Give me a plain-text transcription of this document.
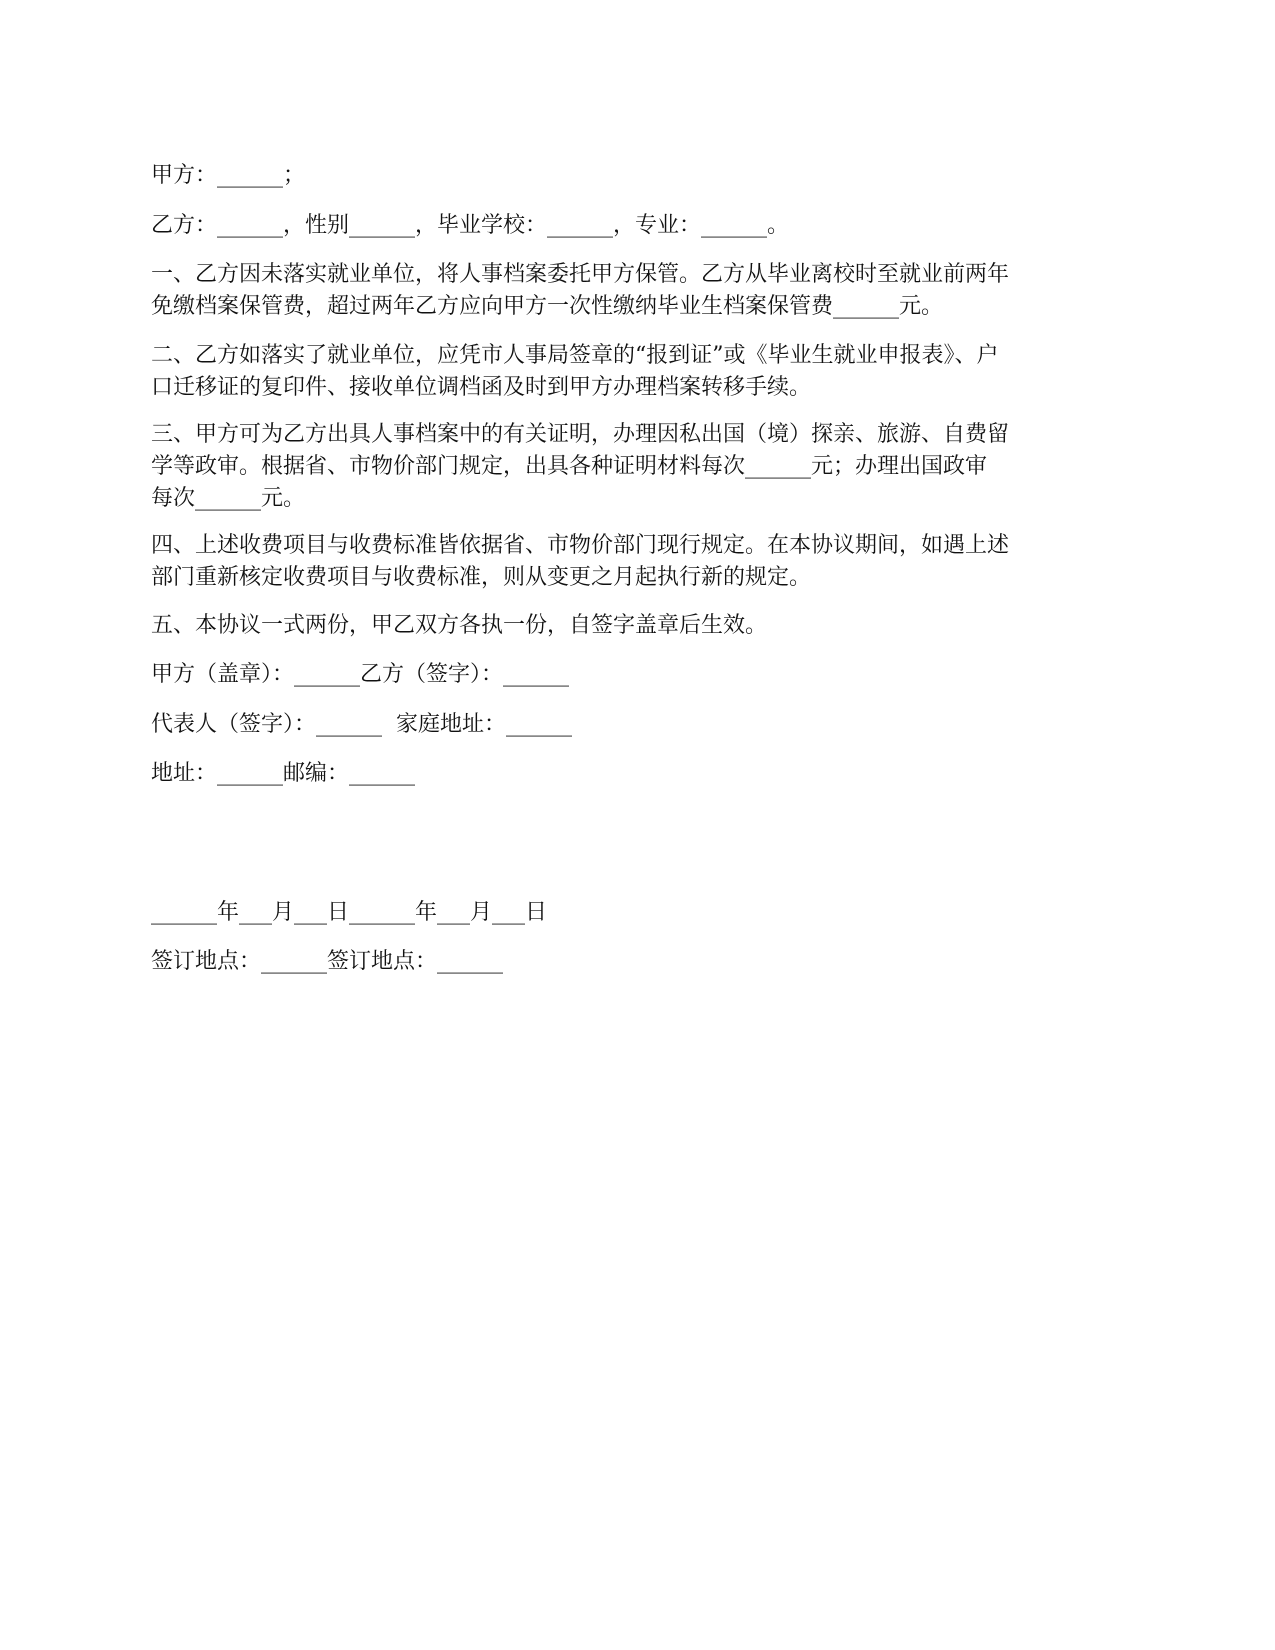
甲方：______；

乙方：______，性别______，毕业学校：______，专业：______。

一、乙方因未落实就业单位，将人事档案委托甲方保管。乙方从毕业离校时至就业前两年

免缴档案保管费，超过两年乙方应向甲方一次性缴纳毕业生档案保管费______元。

二、乙方如落实了就业单位，应凭市人事局签章的“报到证”或《毕业生就业申报表》、户

口迁移证的复印件、接收单位调档函及时到甲方办理档案转移手续。

三、甲方可为乙方出具人事档案中的有关证明，办理因私出国（境）探亲、旅游、自费留

学等政审。根据省、市物价部门规定，出具各种证明材料每次______元；办理出国政审

每次______元。

四、上述收费项目与收费标准皆依据省、市物价部门现行规定。在本协议期间，如遇上述

部门重新核定收费项目与收费标准，则从变更之月起执行新的规定。

五、本协议一式两份，甲乙双方各执一份，自签字盖章后生效。

甲方（盖章）：______乙方（签字）：______

代表人（签字）：______  家庭地址：______

地址：______邮编：______

______年___月___日______年___月___日

签订地点：______签订地点：______
